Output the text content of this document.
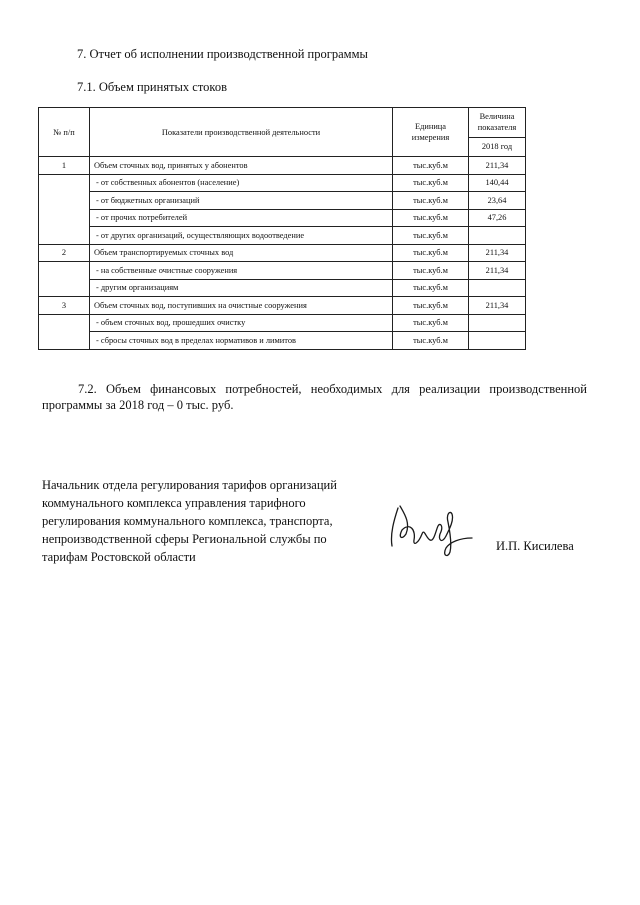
7. Отчет об исполнении производственной программы
7.1. Объем принятых стоков
№ п/п	Показатели производственной деятельности	Единица измерения	Величина показателя
			2018 год
1	Объем сточных вод, принятых у абонентов	тыс.куб.м	211,34
	- от собственных абонентов (население)	тыс.куб.м	140,44
	- от бюджетных организаций	тыс.куб.м	23,64
	- от прочих потребителей	тыс.куб.м	47,26
	- от других организаций, осуществляющих водоотведение	тыс.куб.м	
2	Объем транспортируемых сточных вод	тыс.куб.м	211,34
	- на собственные очистные сооружения	тыс.куб.м	211,34
	- другим организациям	тыс.куб.м	
3	Объем сточных вод, поступивших на очистные сооружения	тыс.куб.м	211,34
	- объем сточных вод, прошедших очистку	тыс.куб.м	
	- сбросы сточных вод в пределах нормативов и лимитов	тыс.куб.м	
7.2. Объем финансовых потребностей, необходимых для реализации производственной программы за 2018 год – 0 тыс. руб.
Начальник отдела регулирования тарифов организаций
коммунального комплекса управления тарифного
регулирования коммунального комплекса, транспорта,
непроизводственной сферы Региональной службы по
тарифам Ростовской области
И.П. Кисилева
